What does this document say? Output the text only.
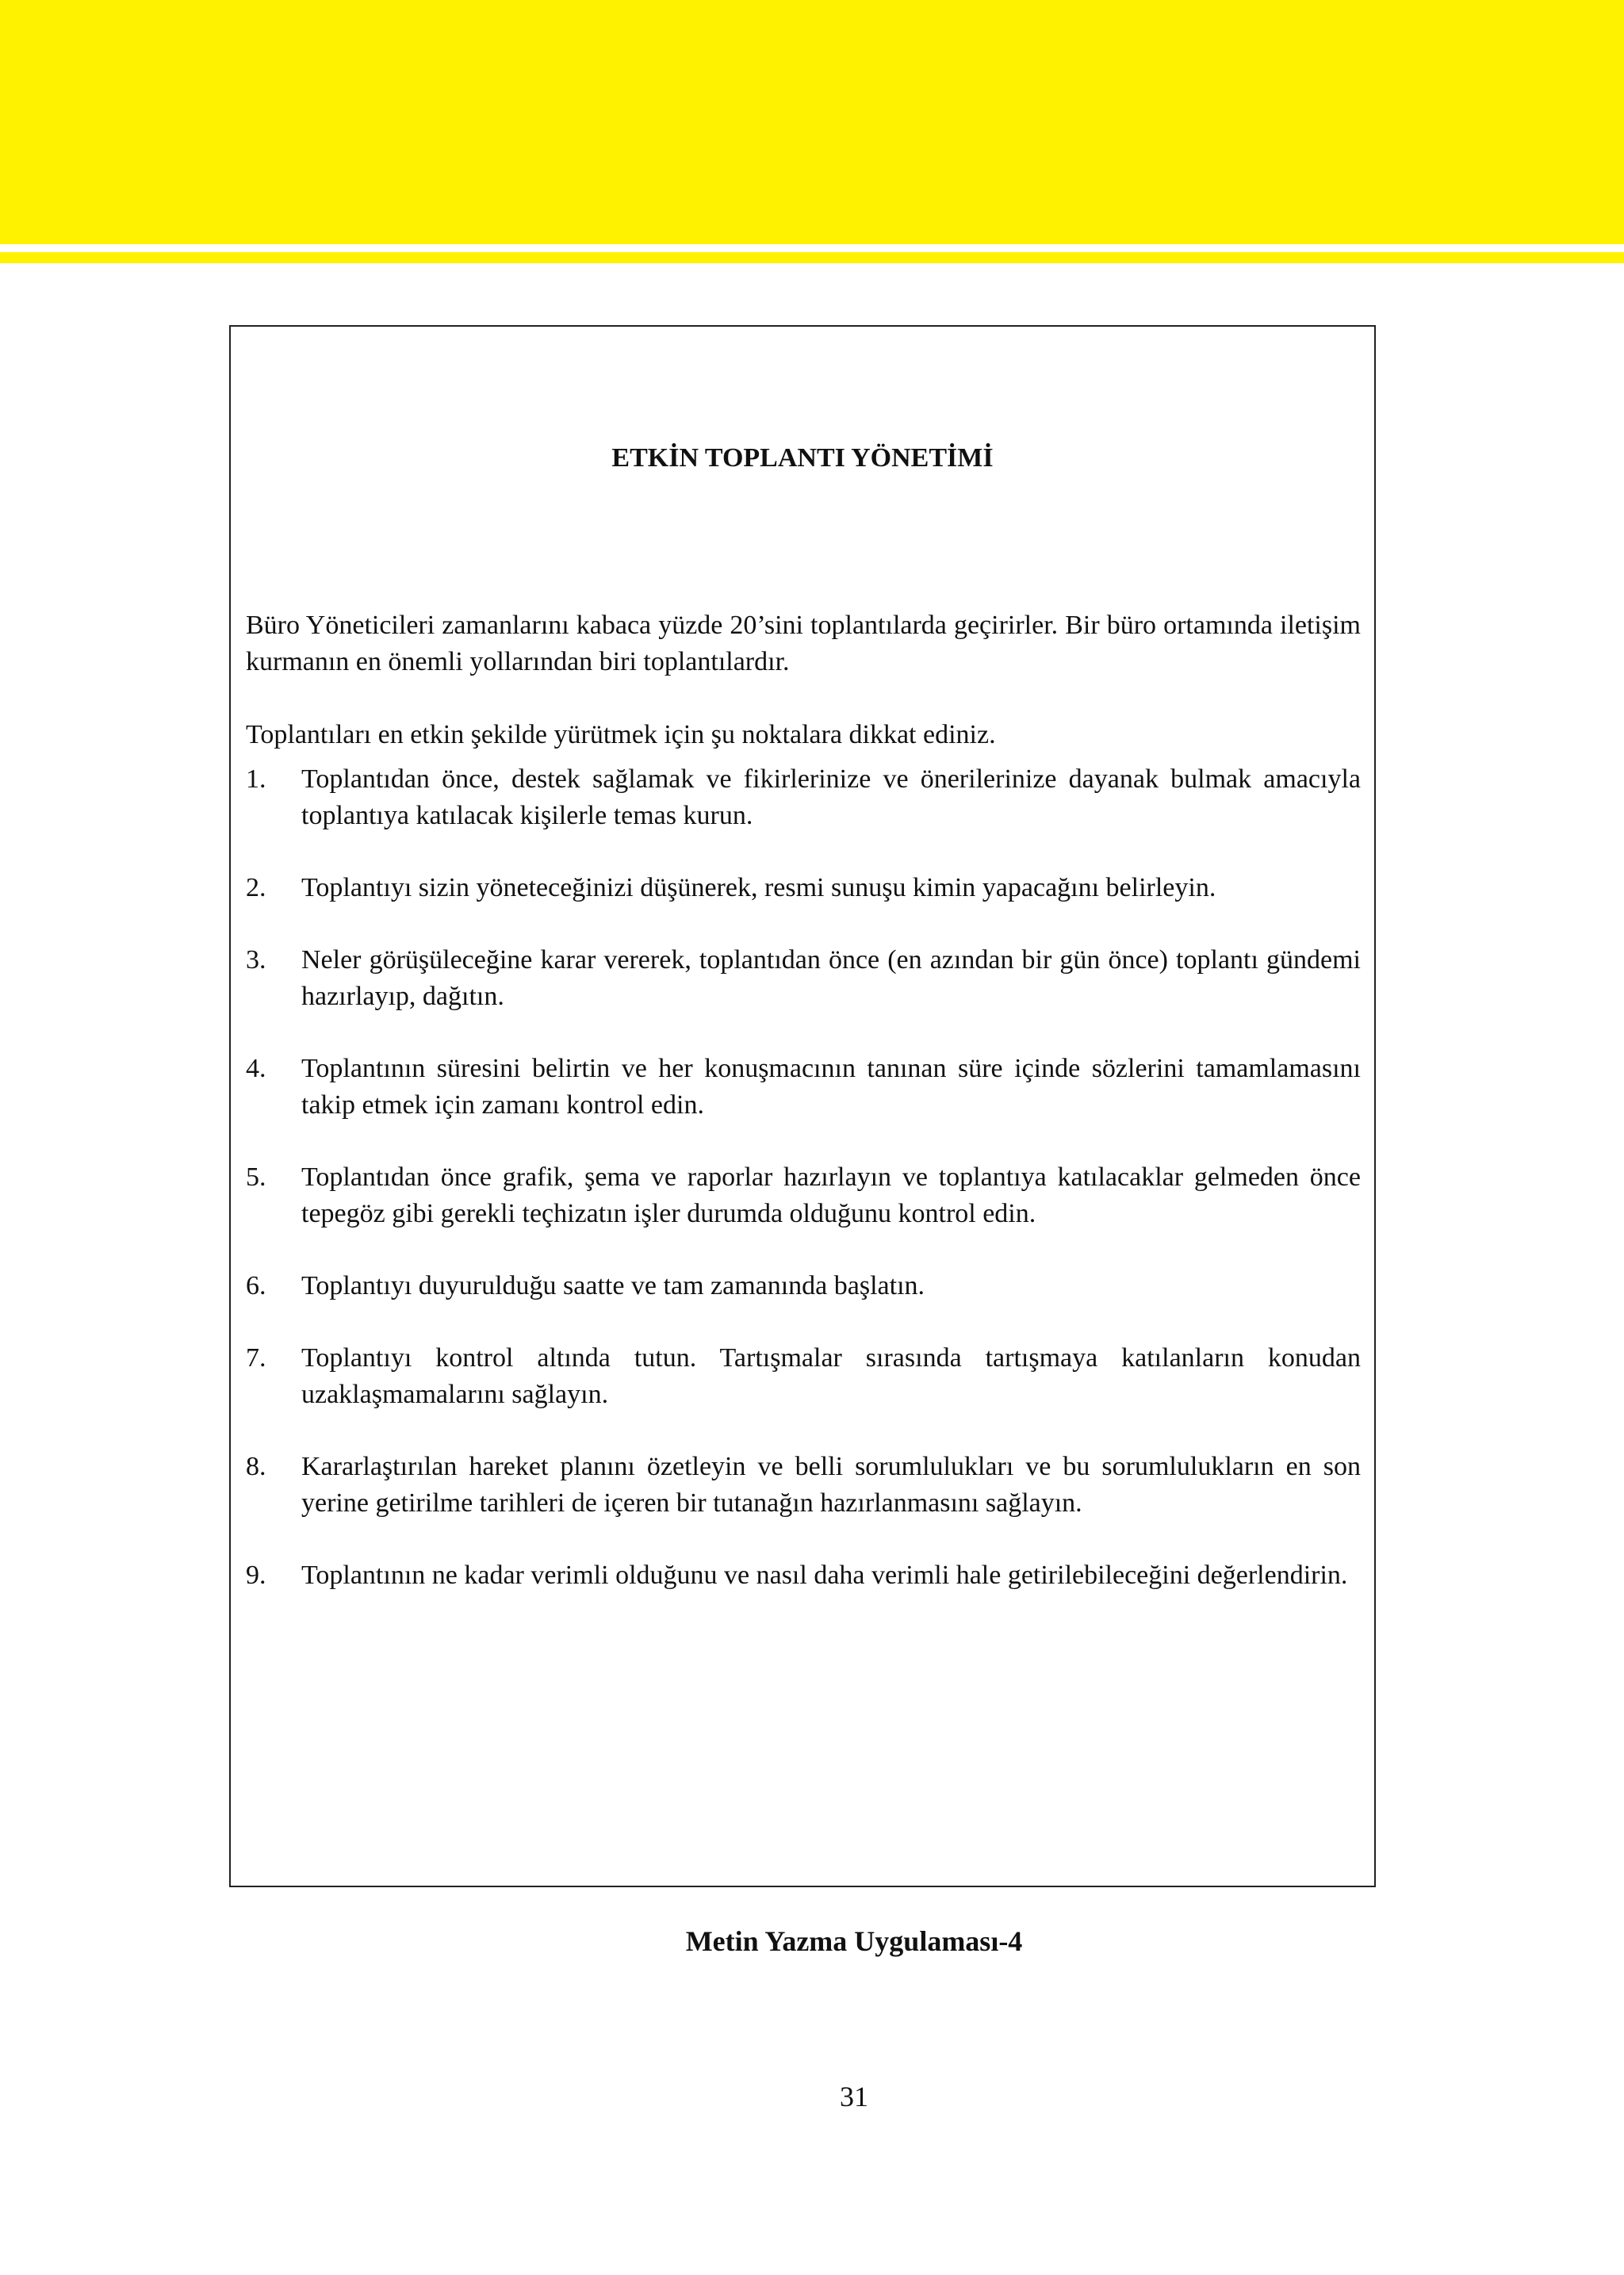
ETKİN TOPLANTI YÖNETİMİ

Büro Yöneticileri zamanlarını kabaca yüzde 20’sini toplantılarda geçirirler. Bir büro ortamında iletişim kurmanın en önemli yollarından biri toplantılardır.

Toplantıları en etkin şekilde yürütmek için şu noktalara dikkat ediniz.

1.	Toplantıdan önce, destek sağlamak ve fikirlerinize ve önerilerinize dayanak bulmak amacıyla toplantıya katılacak kişilerle temas kurun.
2.	Toplantıyı sizin yöneteceğinizi düşünerek, resmi sunuşu kimin yapacağını belirleyin.
3.	Neler görüşüleceğine karar vererek, toplantıdan önce (en azından bir gün önce) toplantı gündemi hazırlayıp, dağıtın.
4.	Toplantının süresini belirtin ve her konuşmacının tanınan süre içinde sözlerini tamamlamasını takip etmek için zamanı kontrol edin.
5.	Toplantıdan önce grafik, şema ve raporlar hazırlayın ve toplantıya katılacaklar gelmeden önce tepegöz gibi gerekli teçhizatın işler durumda olduğunu kontrol edin.
6.	Toplantıyı duyurulduğu saatte ve tam zamanında başlatın.
7.	Toplantıyı kontrol altında tutun. Tartışmalar sırasında tartışmaya katılanların konudan uzaklaşmamalarını sağlayın.
8.	Kararlaştırılan hareket planını özetleyin ve belli sorumlulukları ve bu sorumlulukların en son yerine getirilme tarihleri de içeren bir tutanağın hazırlanmasını sağlayın.
9.	Toplantının ne kadar verimli olduğunu ve nasıl daha verimli hale getirilebileceğini değerlendirin.
Metin Yazma Uygulaması-4
31
